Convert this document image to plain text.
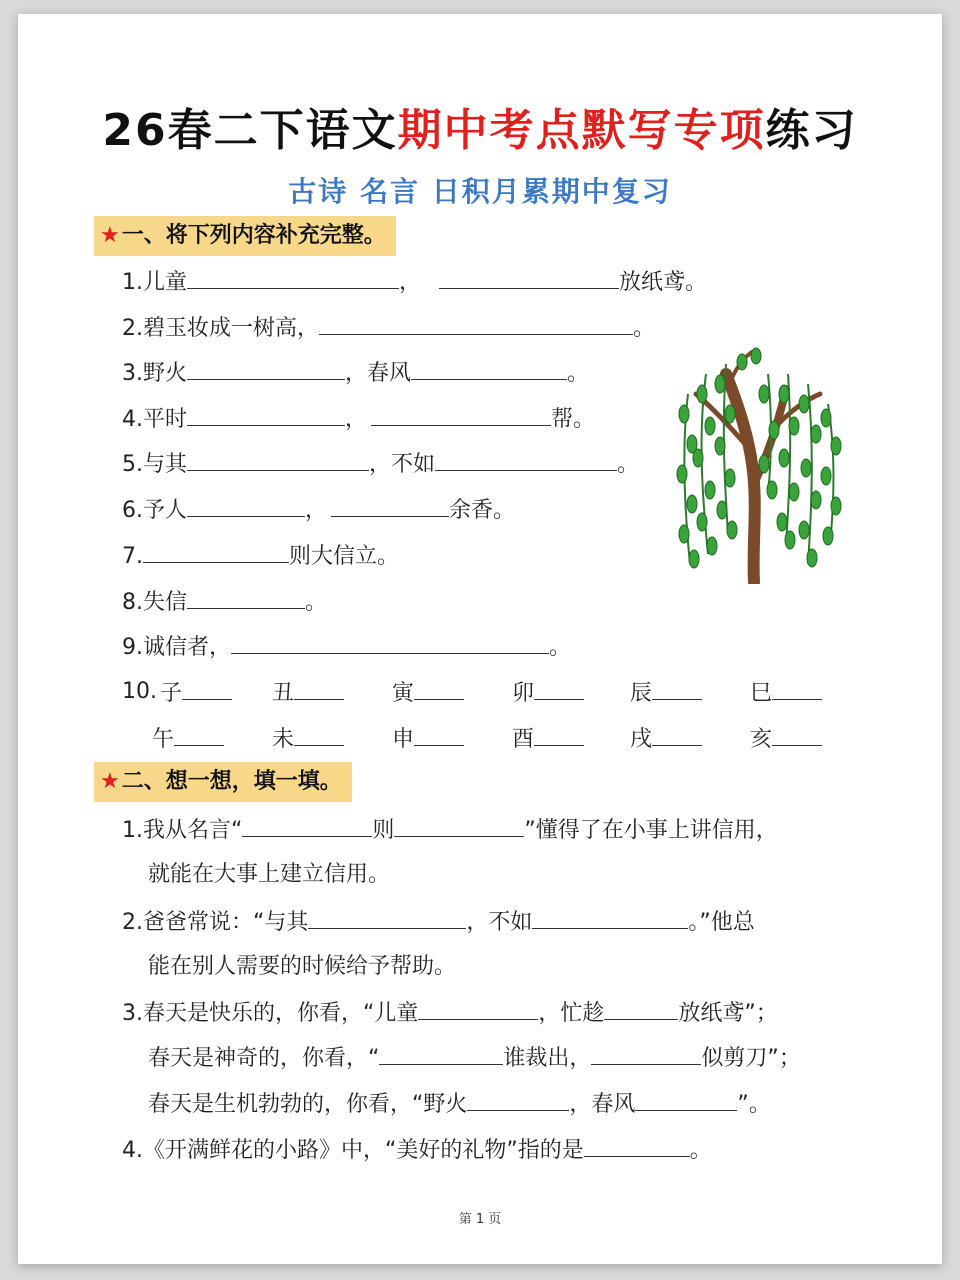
26春二下语文期中考点默写专项练习
古诗 名言 日积月累期中复习
★一、将下列内容补充完整。
1.儿童	，	放纸鸢。
2.碧玉妆成一树高，	。
3.野火	，春风	。
4.平时	，	帮。
5.与其	，不如	。
6.予人	，	余香。
7.	则大信立。
8.失信	。
9.诚信者，	。
10. 子	丑	寅	卯	辰	巳
午	未	申	酉	戌	亥
★二、想一想，填一填。
1.我从名言“	则	”懂得了在小事上讲信用，
就能在大事上建立信用。
2.爸爸常说：“与其	，不如	。”他总
能在别人需要的时候给予帮助。
3.春天是快乐的，你看，“儿童	，忙趁	放纸鸢”；
春天是神奇的，你看，“	谁裁出，	似剪刀”；
春天是生机勃勃的，你看，“野火	，春风	”。
4.《开满鲜花的小路》中，“美好的礼物”指的是	。
第 1 页
